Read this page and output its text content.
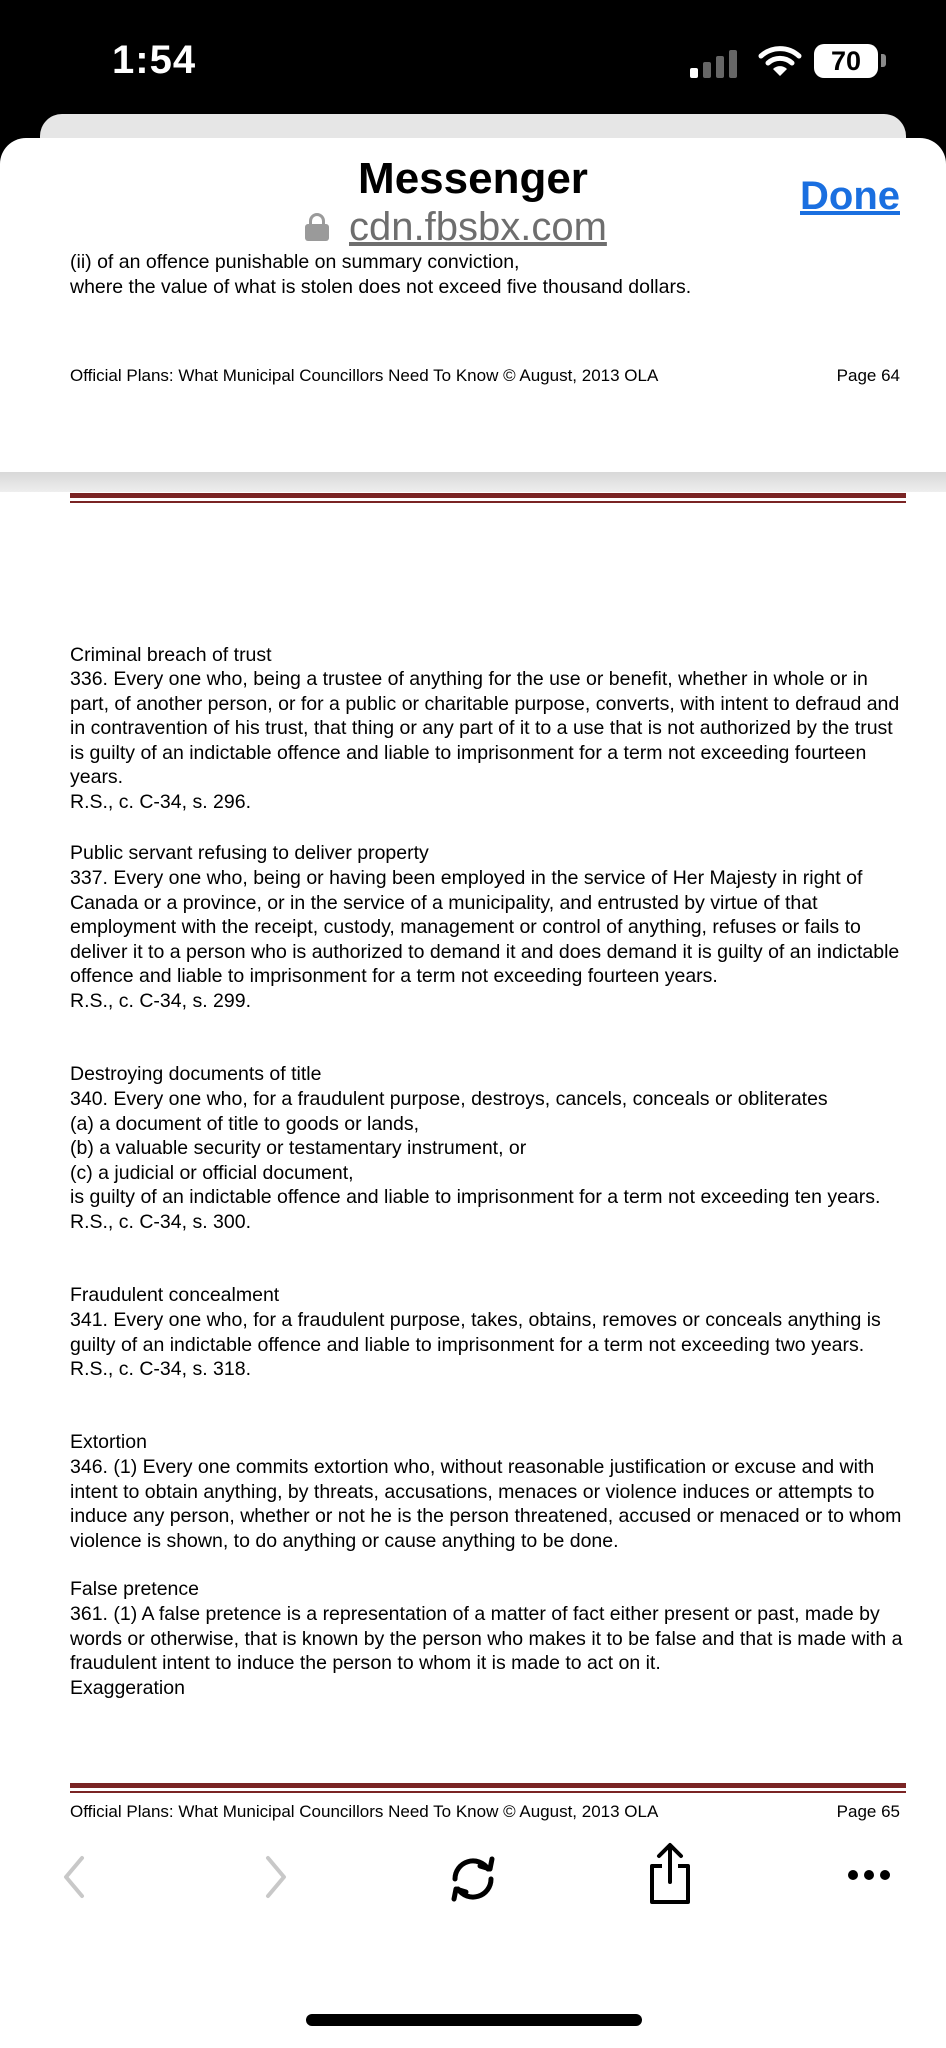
1:54	70
Messenger
cdn.fbsbx.com
Done
(ii) of an offence punishable on summary conviction,
where the value of what is stolen does not exceed five thousand dollars.
Official Plans: What Municipal Councillors Need To Know © August, 2013 OLA	Page 64
Criminal breach of trust
336. Every one who, being a trustee of anything for the use or benefit, whether in whole or in part, of another person, or for a public or charitable purpose, converts, with intent to defraud and in contravention of his trust, that thing or any part of it to a use that is not authorized by the trust is guilty of an indictable offence and liable to imprisonment for a term not exceeding fourteen years.
R.S., c. C-34, s. 296.
Public servant refusing to deliver property
337. Every one who, being or having been employed in the service of Her Majesty in right of Canada or a province, or in the service of a municipality, and entrusted by virtue of that employment with the receipt, custody, management or control of anything, refuses or fails to deliver it to a person who is authorized to demand it and does demand it is guilty of an indictable offence and liable to imprisonment for a term not exceeding fourteen years.
R.S., c. C-34, s. 299.
Destroying documents of title
340. Every one who, for a fraudulent purpose, destroys, cancels, conceals or obliterates
(a) a document of title to goods or lands,
(b) a valuable security or testamentary instrument, or
(c) a judicial or official document,
is guilty of an indictable offence and liable to imprisonment for a term not exceeding ten years.
R.S., c. C-34, s. 300.
Fraudulent concealment
341. Every one who, for a fraudulent purpose, takes, obtains, removes or conceals anything is guilty of an indictable offence and liable to imprisonment for a term not exceeding two years.
R.S., c. C-34, s. 318.
Extortion
346. (1) Every one commits extortion who, without reasonable justification or excuse and with intent to obtain anything, by threats, accusations, menaces or violence induces or attempts to induce any person, whether or not he is the person threatened, accused or menaced or to whom violence is shown, to do anything or cause anything to be done.
False pretence
361. (1) A false pretence is a representation of a matter of fact either present or past, made by words or otherwise, that is known by the person who makes it to be false and that is made with a fraudulent intent to induce the person to whom it is made to act on it.
Exaggeration
Official Plans: What Municipal Councillors Need To Know © August, 2013 OLA	Page 65
